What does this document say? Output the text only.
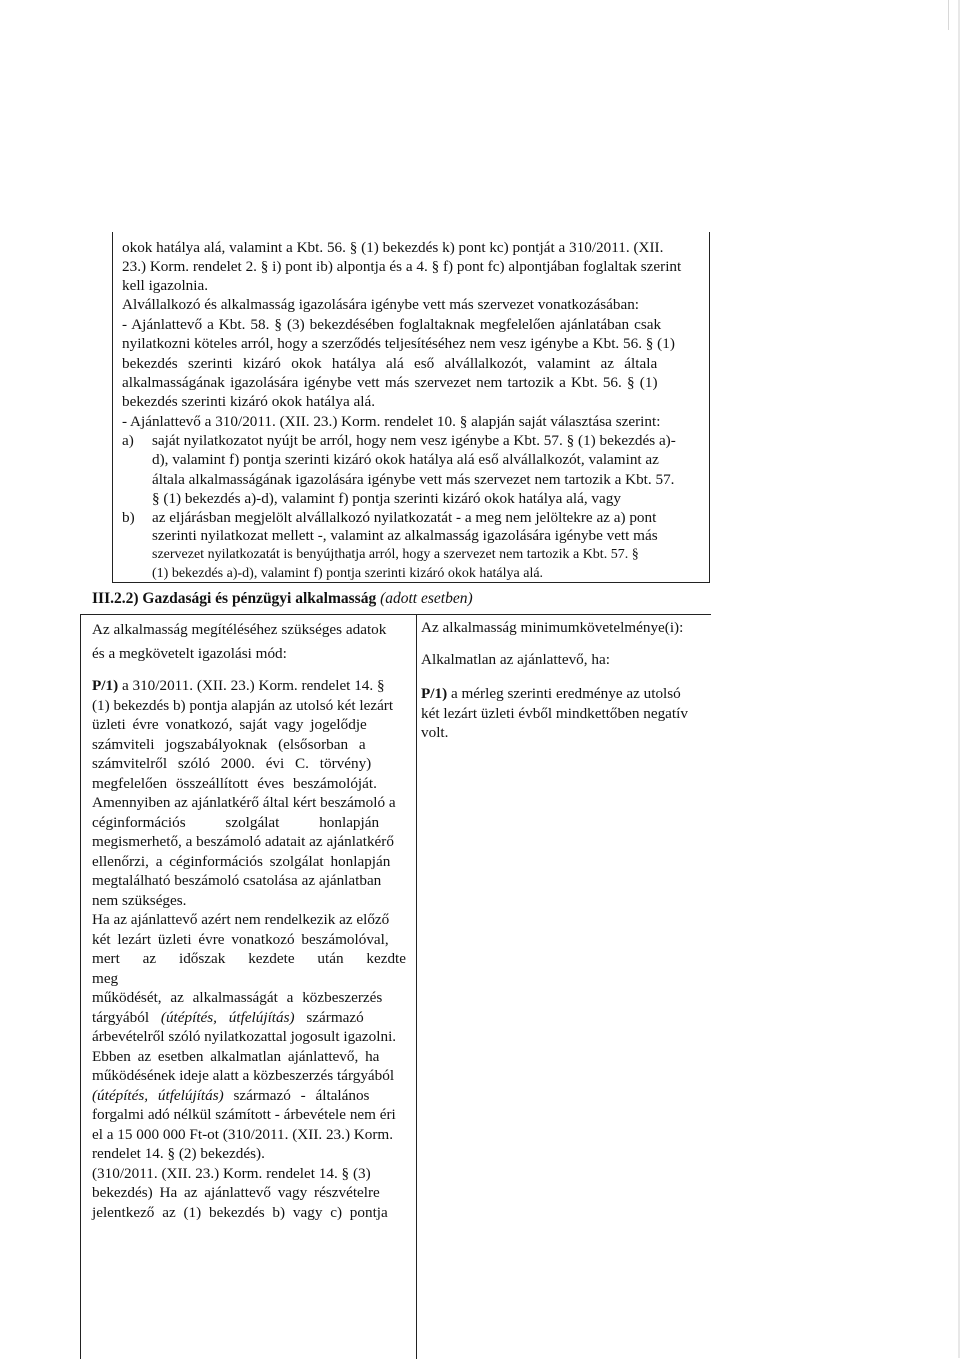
okok hatálya alá, valamint a Kbt. 56. § (1) bekezdés k) pont kc) pontját a 310/2011. (XII.
23.) Korm. rendelet 2. § i) pont ib) alpontja és a 4. § f) pont fc) alpontjában foglaltak szerint
kell igazolnia.
Alvállalkozó és alkalmasság igazolására igénybe vett más szervezet vonatkozásában:
- Ajánlattevő a Kbt. 58. § (3) bekezdésében foglaltaknak megfelelően ajánlatában csak
nyilatkozni köteles arról, hogy a szerződés teljesítéséhez nem vesz igénybe a Kbt. 56. § (1)
bekezdés szerinti kizáró okok hatálya alá eső alvállalkozót, valamint az általa
alkalmasságának igazolására igénybe vett más szervezet nem tartozik a Kbt. 56. § (1)
bekezdés szerinti kizáró okok hatálya alá.
- Ajánlattevő a 310/2011. (XII. 23.) Korm. rendelet 10. § alapján saját választása szerint:
a) saját nyilatkozatot nyújt be arról, hogy nem vesz igénybe a Kbt. 57. § (1) bekezdés a)-
d), valamint f) pontja szerinti kizáró okok hatálya alá eső alvállalkozót, valamint az
általa alkalmasságának igazolására igénybe vett más szervezet nem tartozik a Kbt. 57.
§ (1) bekezdés a)-d), valamint f) pontja szerinti kizáró okok hatálya alá, vagy
b) az eljárásban megjelölt alvállalkozó nyilatkozatát - a meg nem jelöltekre az a) pont
szerinti nyilatkozat mellett -, valamint az alkalmasság igazolására igénybe vett más
III.2.2) Gazdasági és pénzügyi alkalmasság (adott esetben)

Az alkalmasság megítéléséhez szükséges adatok

és a megkövetelt igazolási mód:

P/1) a 310/2011. (XII. 23.) Korm. rendelet 14. §

(1) bekezdés b) pontja alapján az utolsó két lezárt

üzleti évre vonatkozó, saját vagy jogelődje

számviteli jogszabályoknak (elsősorban a

számvitelről szóló 2000. évi C. törvény)

megfelelően összeállított éves beszámolóját.

Amennyiben az ajánlatkérő által kért beszámoló a

céginformációs szolgálat honlapján

megismerhető, a beszámoló adatait az ajánlatkérő

ellenőrzi, a céginformációs szolgálat honlapján

megtalálható beszámoló csatolása az ajánlatban

nem szükséges.

Ha az ajánlattevő azért nem rendelkezik az előző

két lezárt üzleti évre vonatkozó beszámolóval,

mert az időszak kezdete után kezdte meg

működését, az alkalmasságát a közbeszerzés

tárgyából (útépítés, útfelújítás) származó

árbevételről szóló nyilatkozattal jogosult igazolni.

Ebben az esetben alkalmatlan ajánlattevő, ha

működésének ideje alatt a közbeszerzés tárgyából

(útépítés, útfelújítás) származó - általános

forgalmi adó nélkül számított - árbevétele nem éri

el a 15 000 000 Ft-ot (310/2011. (XII. 23.) Korm.

rendelet 14. § (2) bekezdés).

(310/2011. (XII. 23.) Korm. rendelet 14. § (3)

bekezdés) Ha az ajánlattevő vagy részvételre

jelentkező az (1) bekezdés b) vagy c) pontja

Az alkalmasság minimumkövetelménye(i):

Alkalmatlan az ajánlattevő, ha:

P/1) a mérleg szerinti eredménye az utolsó

két lezárt üzleti évből mindkettőben negatív

volt.

szervezet nyilatkozatát is benyújthatja arról, hogy a szervezet nem tartozik a Kbt. 57. §
(1) bekezdés a)-d), valamint f) pontja szerinti kizáró okok hatálya alá.
